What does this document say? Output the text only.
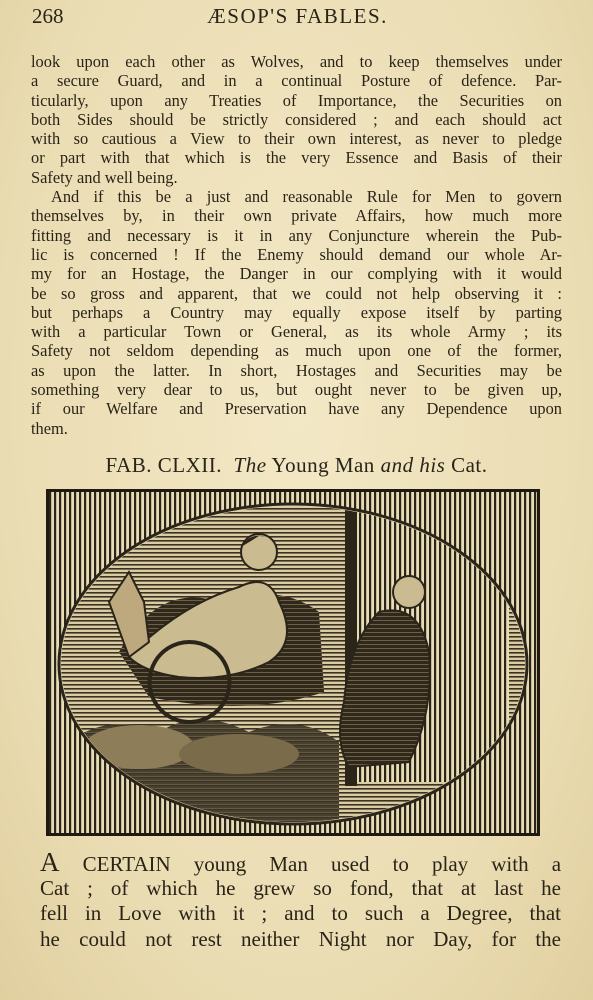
268	ÆSOP'S FABLES.
look upon each other as Wolves, and to keep themselves under
a secure Guard, and in a continual Posture of defence. Par-
ticularly, upon any Treaties of Importance, the Securities on
both Sides should be strictly considered ; and each should act
with so cautious a View to their own interest, as never to pledge
or part with that which is the very Essence and Basis of their
Safety and well being.
And if this be a just and reasonable Rule for Men to govern
themselves by, in their own private Affairs, how much more
fitting and necessary is it in any Conjuncture wherein the Pub-
lic is concerned ! If the Enemy should demand our whole Ar-
my for an Hostage, the Danger in our complying with it would
be so gross and apparent, that we could not help observing it :
but perhaps a Country may equally expose itself by parting
with a particular Town or General, as its whole Army ; its
Safety not seldom depending as much upon one of the former,
as upon the latter. In short, Hostages and Securities may be
something very dear to us, but ought never to be given up,
if our Welfare and Preservation have any Dependence upon
them.
FAB. CLXII. The Young Man and his Cat.
A CERTAIN young Man used to play with a
Cat ; of which he grew so fond, that at last he
fell in Love with it ; and to such a Degree, that
he could not rest neither Night nor Day, for the
